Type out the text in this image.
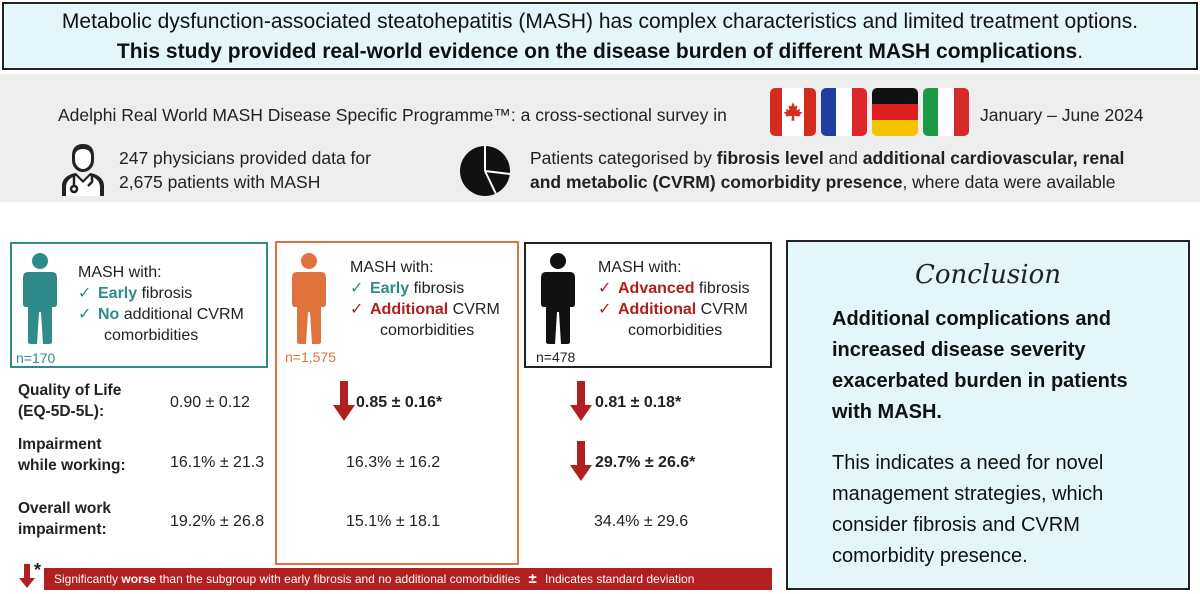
Metabolic dysfunction-associated steatohepatitis (MASH) has complex characteristics and limited treatment options.
This study provided real-world evidence on the disease burden of different MASH complications.
Adelphi Real World MASH Disease Specific Programme™: a cross-sectional survey in	January – June 2024
247 physicians provided data for
2,675 patients with MASH
Patients categorised by fibrosis level and additional cardiovascular, renal
and metabolic (CVRM) comorbidity presence, where data were available
MASH with:
✓ Early fibrosis
✓ No additional CVRM
comorbidities
n=170
MASH with:
✓ Early fibrosis
✓ Additional CVRM
comorbidities
n=1,575
MASH with:
✓ Advanced fibrosis
✓ Additional CVRM
comorbidities
n=478
Quality of Life
(EQ-5D-5L):
0.90 ± 0.12	0.85 ± 0.16*	0.81 ± 0.18*
Impairment
while working:	16.1% ± 21.3	16.3% ± 16.2	29.7% ± 26.6*
Overall work
impairment:	19.2% ± 26.8	15.1% ± 18.1	34.4% ± 29.6
Conclusion
Additional complications and
increased disease severity
exacerbated burden in patients
with MASH.
This indicates a need for novel
management strategies, which
consider fibrosis and CVRM
comorbidity presence.
*	Significantly worse than the subgroup with early fibrosis and no additional comorbidities ± Indicates standard deviation
